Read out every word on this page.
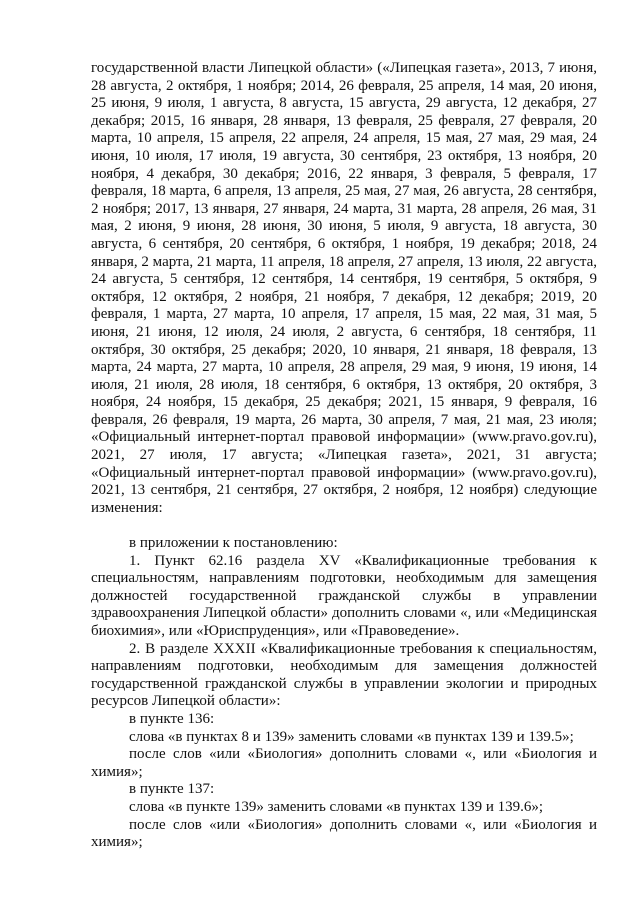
государственной власти Липецкой области» («Липецкая газета», 2013, 7 июня, 28 августа, 2 октября, 1 ноября; 2014, 26 февраля, 25 апреля, 14 мая, 20 июня, 25 июня, 9 июля, 1 августа, 8 августа, 15 августа, 29 августа, 12 декабря, 27 декабря; 2015, 16 января, 28 января, 13 февраля, 25 февраля, 27 февраля, 20 марта, 10 апреля, 15 апреля, 22 апреля, 24 апреля, 15 мая, 27 мая, 29 мая, 24 июня, 10 июля, 17 июля, 19 августа, 30 сентября, 23 октября, 13 ноября, 20 ноября, 4 декабря, 30 декабря; 2016, 22 января, 3 февраля, 5 февраля, 17 февраля, 18 марта, 6 апреля, 13 апреля, 25 мая, 27 мая, 26 августа, 28 сентября, 2 ноября; 2017, 13 января, 27 января, 24 марта, 31 марта, 28 апреля, 26 мая, 31 мая, 2 июня, 9 июня, 28 июня, 30 июня, 5 июля, 9 августа, 18 августа, 30 августа, 6 сентября, 20 сентября, 6 октября, 1 ноября, 19 декабря; 2018, 24 января, 2 марта, 21 марта, 11 апреля, 18 апреля, 27 апреля, 13 июля, 22 августа, 24 августа, 5 сентября, 12 сентября, 14 сентября, 19 сентября, 5 октября, 9 октября, 12 октября, 2 ноября, 21 ноября, 7 декабря, 12 декабря; 2019, 20 февраля, 1 марта, 27 марта, 10 апреля, 17 апреля, 15 мая, 22 мая, 31 мая, 5 июня, 21 июня, 12 июля, 24 июля, 2 августа, 6 сентября, 18 сентября, 11 октября, 30 октября, 25 декабря; 2020, 10 января, 21 января, 18 февраля, 13 марта, 24 марта, 27 марта, 10 апреля, 28 апреля, 29 мая, 9 июня, 19 июня, 14 июля, 21 июля, 28 июля, 18 сентября, 6 октября, 13 октября, 20 октября, 3 ноября, 24 ноября, 15 декабря, 25 декабря; 2021, 15 января, 9 февраля, 16 февраля, 26 февраля, 19 марта, 26 марта, 30 апреля, 7 мая, 21 мая, 23 июля; «Официальный интернет-портал правовой информации» (www.pravo.gov.ru), 2021, 27 июля, 17 августа; «Липецкая газета», 2021, 31 августа; «Официальный интернет-портал правовой информации» (www.pravo.gov.ru), 2021, 13 сентября, 21 сентября, 27 октября, 2 ноября, 12 ноября) следующие изменения:

в приложении к постановлению:

1. Пункт 62.16 раздела XV «Квалификационные требования к специальностям, направлениям подготовки, необходимым для замещения должностей государственной гражданской службы в управлении здравоохранения Липецкой области» дополнить словами «, или «Медицинская биохимия», или «Юриспруденция», или «Правоведение».

2. В разделе XXXII «Квалификационные требования к специальностям, направлениям подготовки, необходимым для замещения должностей государственной гражданской службы в управлении экологии и природных ресурсов Липецкой области»:

в пункте 136:

слова «в пунктах 8 и 139» заменить словами «в пунктах 139 и 139.5»;

после слов «или «Биология» дополнить словами «, или «Биология и химия»;

в пункте 137:

слова «в пункте 139» заменить словами «в пунктах 139 и 139.6»;

после слов «или «Биология» дополнить словами «, или «Биология и химия»;
